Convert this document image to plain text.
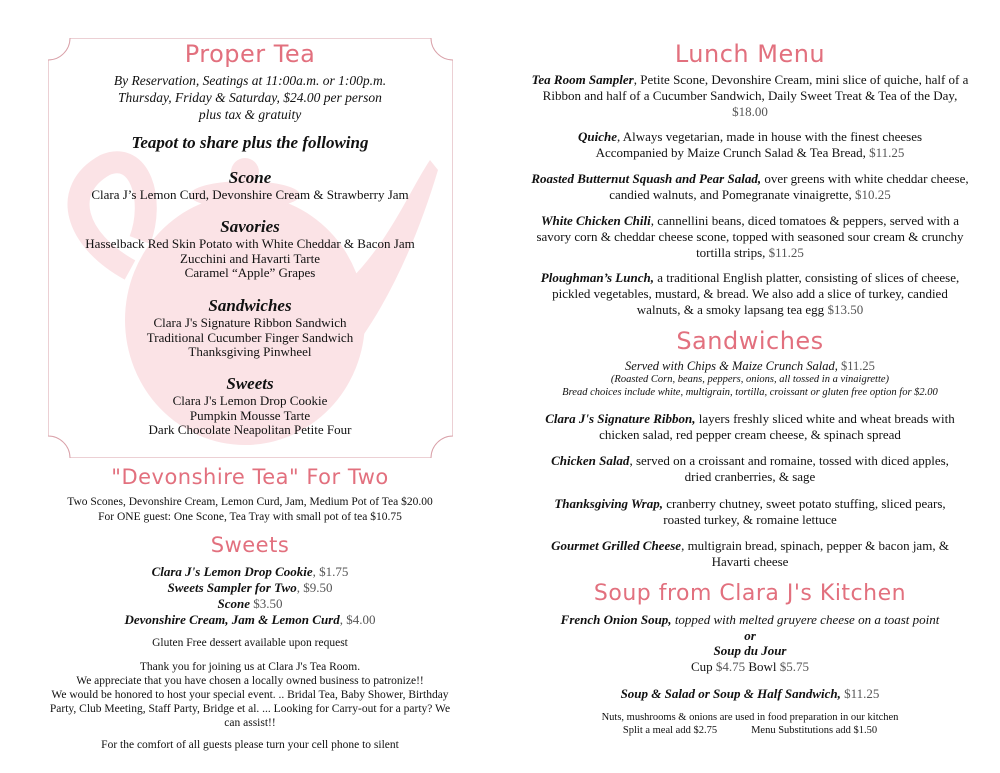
Proper Tea

By Reservation, Seatings at 11:00a.m. or 1:00p.m.

Thursday, Friday & Saturday, $24.00 per person

plus tax & gratuity

Teapot to share plus the following
Scone

Clara J’s Lemon Curd, Devonshire Cream & Strawberry Jam

Savories

Hasselback Red Skin Potato with White Cheddar & Bacon Jam

Zucchini and Havarti Tarte

Caramel “Apple” Grapes

Sandwiches

Clara J's Signature Ribbon Sandwich

Traditional Cucumber Finger Sandwich

Thanksgiving Pinwheel

Sweets

Clara J's Lemon Drop Cookie

Pumpkin Mousse Tarte

Dark Chocolate Neapolitan Petite Four

"Devonshire Tea" For Two

Two Scones, Devonshire Cream, Lemon Curd, Jam, Medium Pot of Tea $20.00

For ONE guest: One Scone, Tea Tray with small pot of tea $10.75

Sweets

Clara J's Lemon Drop Cookie, $1.75

Sweets Sampler for Two, $9.50

Scone $3.50

Devonshire Cream, Jam & Lemon Curd, $4.00

Gluten Free dessert available upon request

Thank you for joining us at Clara J's Tea Room.

We appreciate that you have chosen a locally owned business to patronize!!

We would be honored to host your special event. .. Bridal Tea, Baby Shower, Birthday

Party, Club Meeting, Staff Party, Bridge et al. ... Looking for Carry-out for a party? We

can assist!!

For the comfort of all guests please turn your cell phone to silent
Lunch Menu
Tea Room Sampler, Petite Scone, Devonshire Cream, mini slice of quiche, half of a Ribbon and half of a Cucumber Sandwich, Daily Sweet Treat & Tea of the Day, $18.00
Quiche, Always vegetarian, made in house with the finest cheeses Accompanied by Maize Crunch Salad & Tea Bread, $11.25
Roasted Butternut Squash and Pear Salad, over greens with white cheddar cheese, candied walnuts, and Pomegranate vinaigrette, $10.25
White Chicken Chili, cannellini beans, diced tomatoes & peppers, served with a savory corn & cheddar cheese scone, topped with seasoned sour cream & crunchy tortilla strips, $11.25
Ploughman’s Lunch, a traditional English platter, consisting of slices of cheese, pickled vegetables, mustard, & bread. We also add a slice of turkey, candied walnuts, & a smoky lapsang tea egg $13.50
Sandwiches
Served with Chips & Maize Crunch Salad, $11.25
(Roasted Corn, beans, peppers, onions, all tossed in a vinaigrette)
Bread choices include white, multigrain, tortilla, croissant or gluten free option for $2.00
Clara J's Signature Ribbon, layers freshly sliced white and wheat breads with chicken salad, red pepper cream cheese, & spinach spread
Chicken Salad, served on a croissant and romaine, tossed with diced apples, dried cranberries, & sage
Thanksgiving Wrap, cranberry chutney, sweet potato stuffing, sliced pears, roasted turkey, & romaine lettuce
Gourmet Grilled Cheese, multigrain bread, spinach, pepper & bacon jam, & Havarti cheese
Soup from Clara J's Kitchen

French Onion Soup, topped with melted gruyere cheese on a toast point

or

Soup du Jour

Cup $4.75 Bowl $5.75

Soup & Salad or Soup & Half Sandwich, $11.25
Nuts, mushrooms & onions are used in food preparation in our kitchen
Split a meal add $2.75	Menu Substitutions add $1.50
